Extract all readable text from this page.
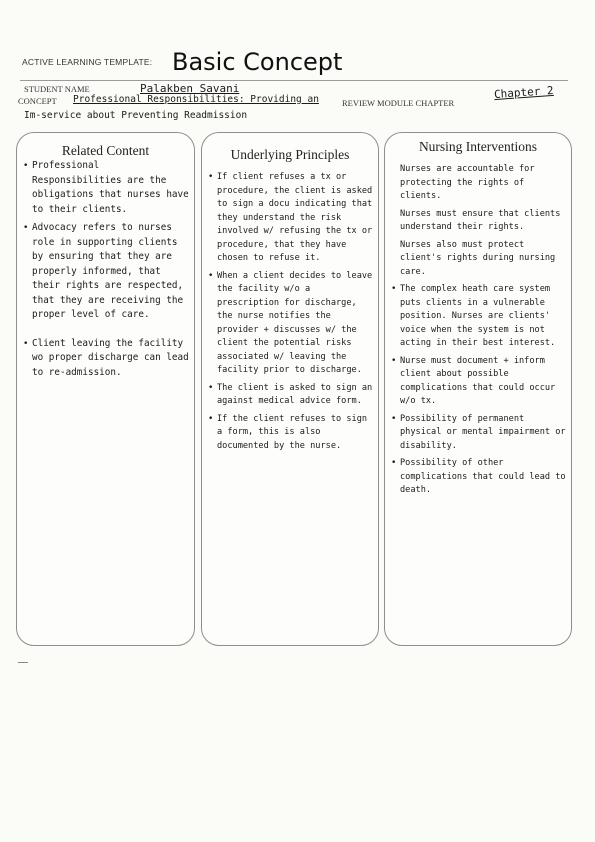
ACTIVE LEARNING TEMPLATE: Basic Concept
STUDENT NAME	Palakben Savani
CONCEPT Professional Responsibilities: Providing an
Im-service about Preventing Readmission
REVIEW MODULE CHAPTER
Chapter 2
Related Content
• Professional Responsibilities are the obligations that nurses have to their clients.
• Advocacy refers to nurses role in supporting clients by ensuring that they are properly informed, that their rights are respected, that they are receiving the proper level of care.
• Client leaving the facility wo proper discharge can lead to re-admission.
Underlying Principles
• If client refuses a tx or procedure, the client is asked to sign a docu indicating that they understand the risk involved w/ refusing the tx or procedure, that they have chosen to refuse it.
• When a client decides to leave the facility w/o a prescription for discharge, the nurse notifies the provider + discusses w/ the client the potential risks associated w/ leaving the facility prior to discharge.
• The client is asked to sign an against medical advice form.
• If the client refuses to sign a form, this is also documented by the nurse.
Nursing Interventions
Nurses are accountable for protecting the rights of clients.
Nurses must ensure that clients understand their rights.
Nurses also must protect client's rights during nursing care.
• The complex heath care system puts clients in a vulnerable position. Nurses are clients' voice when the system is not acting in their best interest.
• Nurse must document + inform client about possible complications that could occur w/o tx.
• Possibility of permanent physical or mental impairment or disability.
• Possibility of other complications that could lead to death.
